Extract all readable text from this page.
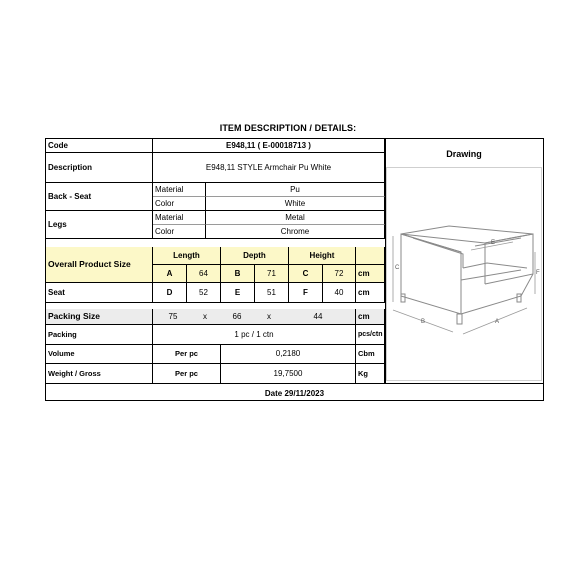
ITEM DESCRIPTION / DETAILS:
Code	E948,11 ( E-00018713 )
Description	E948,11 STYLE Armchair Pu White
Back - Seat
Material	Pu
Color	White
Legs
Material	Metal
Color	Chrome
Overall Product Size
Length	Depth	Height
A	64	B	71	C	72	cm
Seat	D	52	E	51	F	40	cm
Packing Size	75	x	66	x	44	cm
Packing	1 pc / 1 ctn	pcs/ctn
Volume	Per pc	0,2180	Cbm
Weight / Gross	Per pc	19,7500	Kg
Drawing
E
A
B
C
F
Date 29/11/2023
